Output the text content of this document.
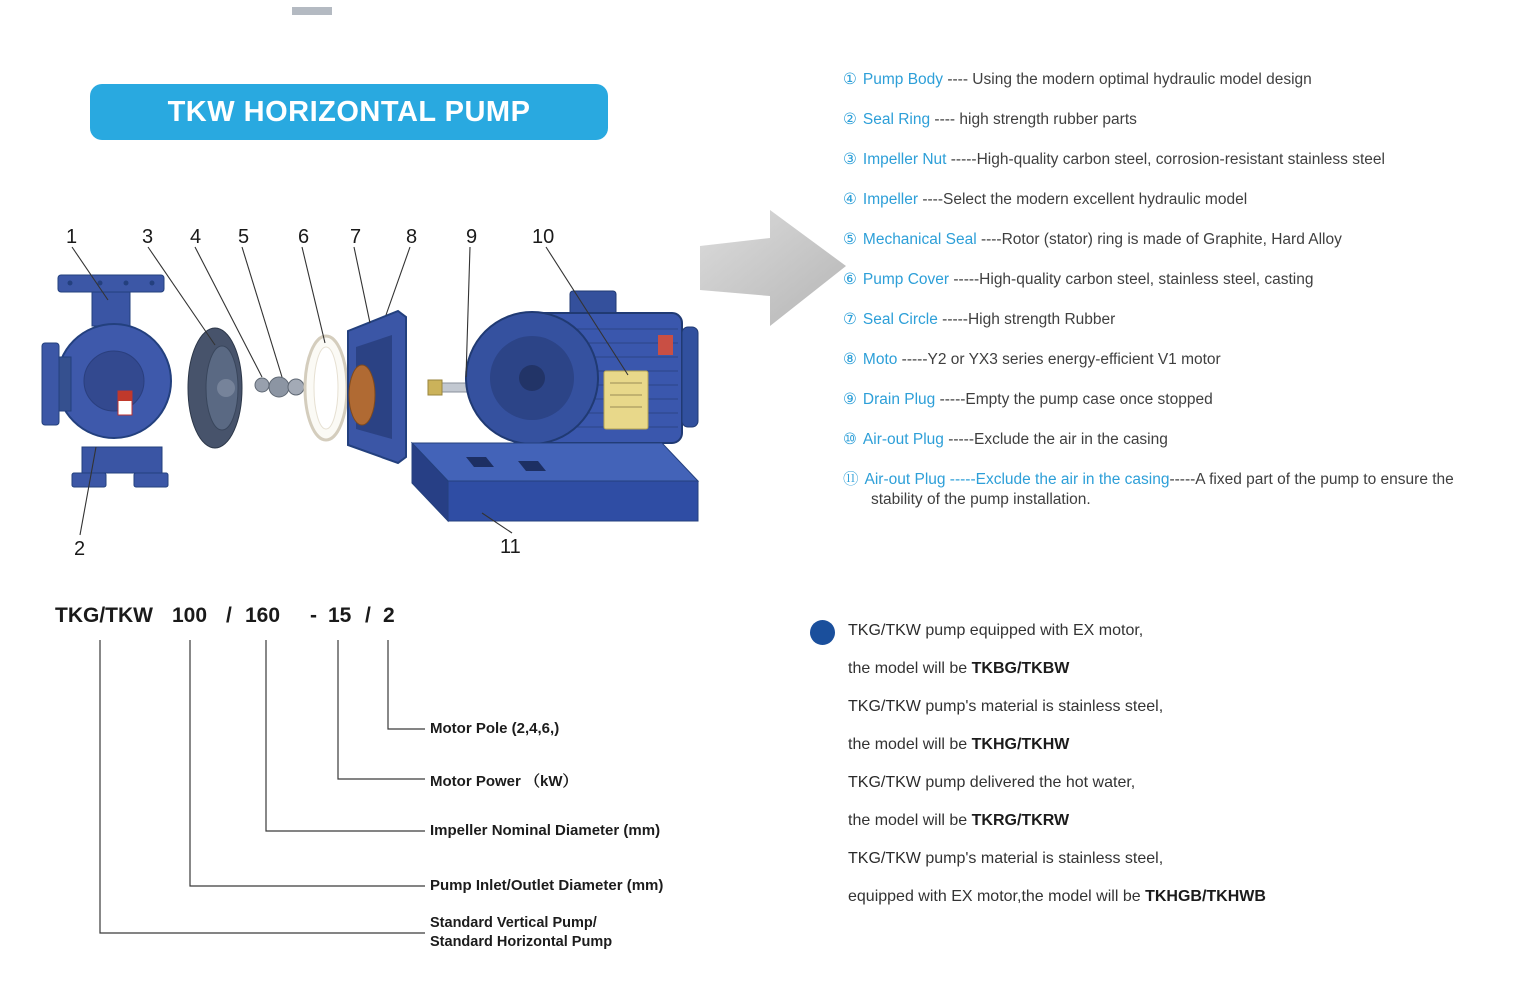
TKW HORIZONTAL PUMP
1	3 4 5 6 7 8 9	10
2	11
① Pump Body ---- Using the modern optimal hydraulic model design
② Seal Ring ---- high strength rubber parts
③ Impeller Nut -----High-quality carbon steel, corrosion-resistant stainless steel
④ Impeller ----Select the modern excellent hydraulic model
⑤ Mechanical Seal ----Rotor (stator) ring is made of Graphite, Hard Alloy
⑥ Pump Cover -----High-quality carbon steel, stainless steel, casting
⑦ Seal Circle -----High strength Rubber
⑧ Moto -----Y2 or YX3 series energy-efficient V1 motor
⑨ Drain Plug -----Empty the pump case once stopped
⑩ Air-out Plug -----Exclude the air in the casing
⑪ Air-out Plug -----Exclude the air in the casing-----A fixed part of the pump to ensure the stability of the pump installation.
TKG/TKW 100 / 160 - 15 / 2
Motor Pole (2,4,6,)
Motor Power （kW）
Impeller Nominal Diameter (mm)
Pump Inlet/Outlet Diameter (mm)
Standard Vertical Pump/
Standard Horizontal Pump
TKG/TKW pump equipped with EX motor,
the model will be TKBG/TKBW
TKG/TKW pump's material is stainless steel,
the model will be TKHG/TKHW
TKG/TKW pump delivered the hot water,
the model will be TKRG/TKRW
TKG/TKW pump's material is stainless steel,
equipped with EX motor,the model will be TKHGB/TKHWB
